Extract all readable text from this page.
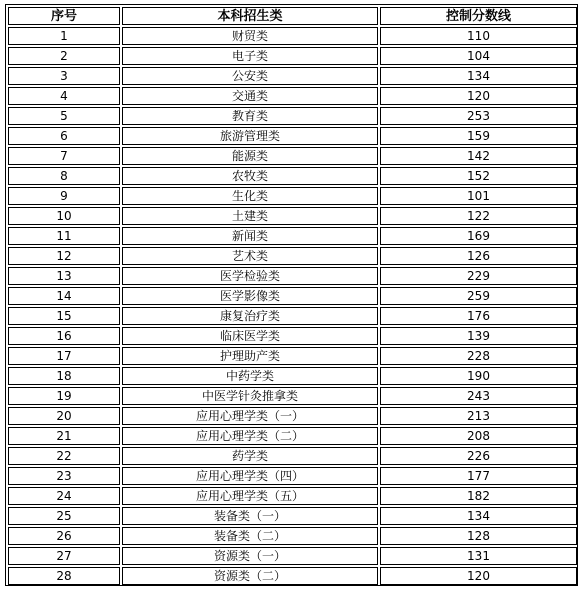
序号	本科招生类	控制分数线
1	财贸类	110
2	电子类	104
3	公安类	134
4	交通类	120
5	教育类	253
6	旅游管理类	159
7	能源类	142
8	农牧类	152
9	生化类	101
10	土建类	122
11	新闻类	169
12	艺术类	126
13	医学检验类	229
14	医学影像类	259
15	康复治疗类	176
16	临床医学类	139
17	护理助产类	228
18	中药学类	190
19	中医学针灸推拿类	243
20	应用心理学类（一）	213
21	应用心理学类（二）	208
22	药学类	226
23	应用心理学类（四）	177
24	应用心理学类（五）	182
25	装备类（一）	134
26	装备类（二）	128
27	资源类（一）	131
28	资源类（二）	120
